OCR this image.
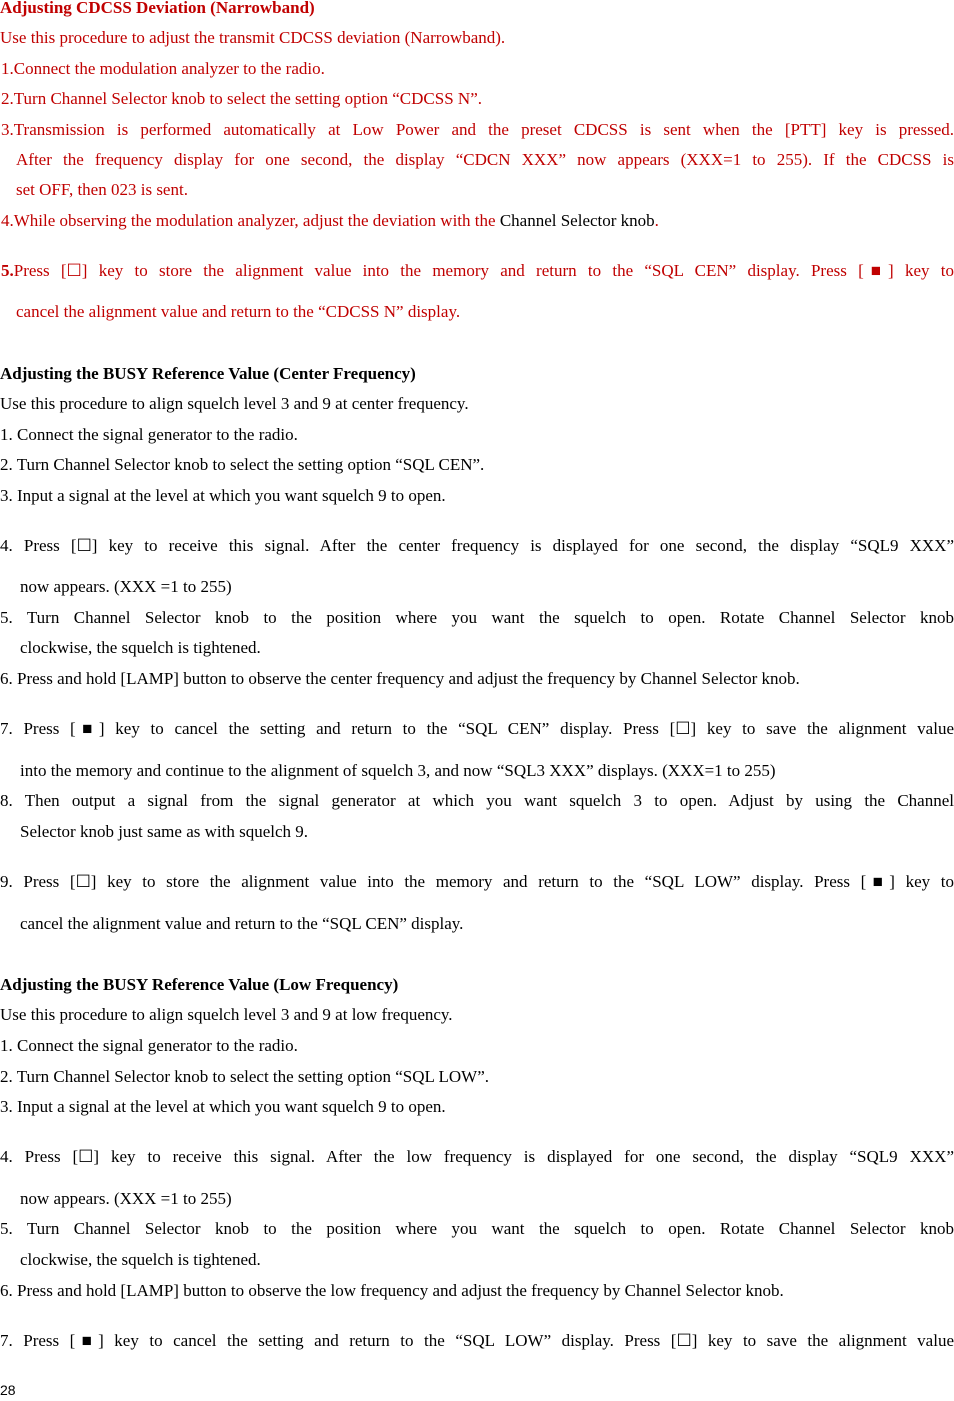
Adjusting CDCSS Deviation (Narrowband)
Use this procedure to adjust the transmit CDCSS deviation (Narrowband).
1.Connect the modulation analyzer to the radio.
2.Turn Channel Selector knob to select the setting option “CDCSS N”.
3.Transmission is performed automatically at Low Power and the preset CDCSS is sent when the [PTT] key is pressed.
After the frequency display for one second, the display “CDCN XXX” now appears (XXX=1 to 255). If the CDCSS is
set OFF, then 023 is sent.
4.While observing the modulation analyzer, adjust the deviation with the Channel Selector knob.
5. Press [☐] key to store the alignment value into the memory and return to the “SQL CEN” display. Press [■] key to
cancel the alignment value and return to the “CDCSS N” display.
Adjusting the BUSY Reference Value (Center Frequency)
Use this procedure to align squelch level 3 and 9 at center frequency.
1. Connect the signal generator to the radio.
2. Turn Channel Selector knob to select the setting option “SQL CEN”.
3. Input a signal at the level at which you want squelch 9 to open.
4. Press [☐] key to receive this signal. After the center frequency is displayed for one second, the display “SQL9 XXX”
now appears. (XXX =1 to 255)
5. Turn Channel Selector knob to the position where you want the squelch to open. Rotate Channel Selector knob
clockwise, the squelch is tightened.
6. Press and hold [LAMP] button to observe the center frequency and adjust the frequency by Channel Selector knob.
7. Press [■] key to cancel the setting and return to the “SQL CEN” display. Press [☐] key to save the alignment value
into the memory and continue to the alignment of squelch 3, and now “SQL3 XXX” displays. (XXX=1 to 255)
8. Then output a signal from the signal generator at which you want squelch 3 to open. Adjust by using the Channel
Selector knob just same as with squelch 9.
9. Press [☐] key to store the alignment value into the memory and return to the “SQL LOW” display. Press [■] key to
cancel the alignment value and return to the “SQL CEN” display.
Adjusting the BUSY Reference Value (Low Frequency)
Use this procedure to align squelch level 3 and 9 at low frequency.
1. Connect the signal generator to the radio.
2. Turn Channel Selector knob to select the setting option “SQL LOW”.
3. Input a signal at the level at which you want squelch 9 to open.
4. Press [☐] key to receive this signal. After the low frequency is displayed for one second, the display “SQL9 XXX”
now appears. (XXX =1 to 255)
5. Turn Channel Selector knob to the position where you want the squelch to open. Rotate Channel Selector knob
clockwise, the squelch is tightened.
6. Press and hold [LAMP] button to observe the low frequency and adjust the frequency by Channel Selector knob.
7. Press [■] key to cancel the setting and return to the “SQL LOW” display. Press [☐] key to save the alignment value
28
